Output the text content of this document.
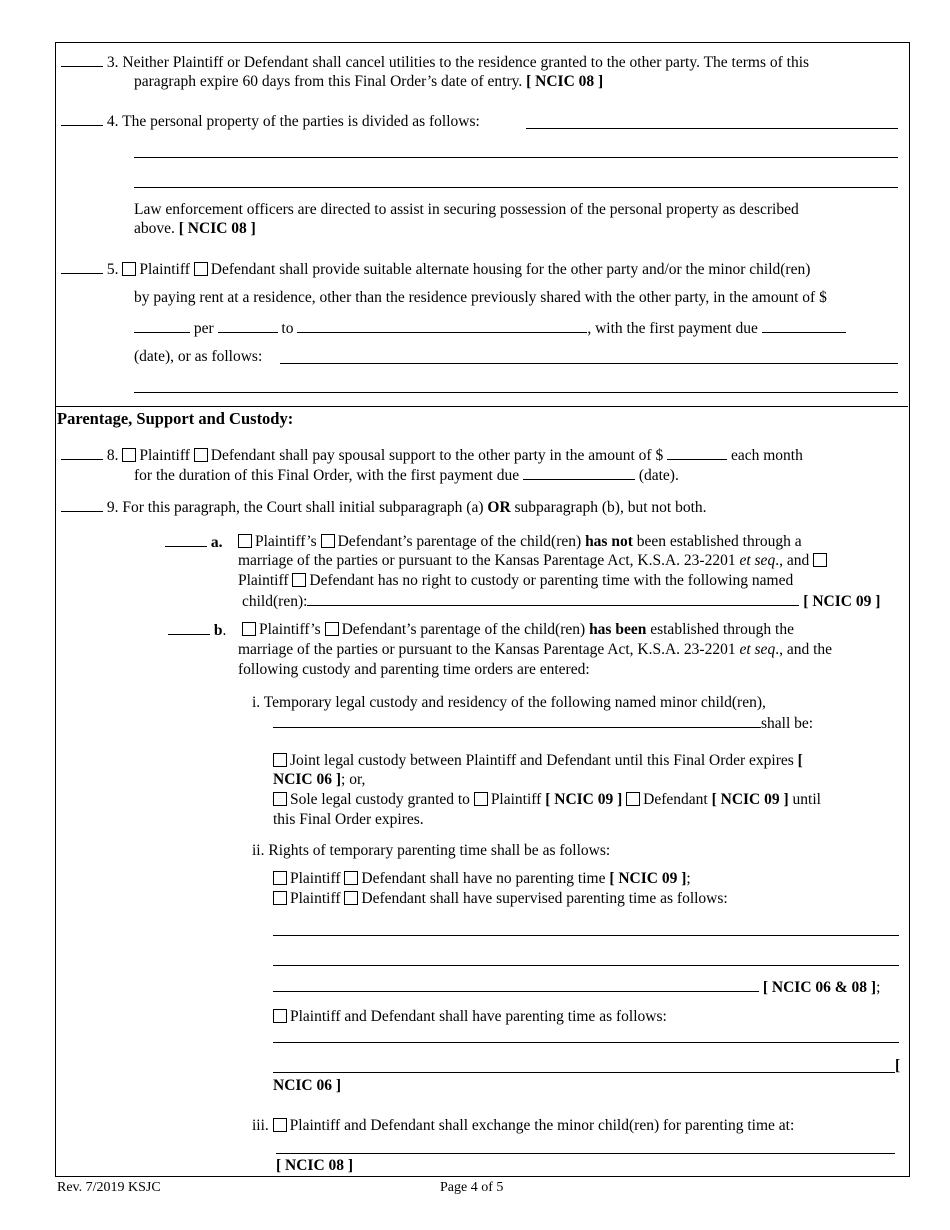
3. Neither Plaintiff or Defendant shall cancel utilities to the residence granted to the other party. The terms of this
paragraph expire 60 days from this Final Order’s date of entry. [ NCIC 08 ]
4. The personal property of the parties is divided as follows:
Law enforcement officers are directed to assist in securing possession of the personal property as described
above. [ NCIC 08 ]
5. Plaintiff Defendant shall provide suitable alternate housing for the other party and/or the minor child(ren)
by paying rent at a residence, other than the residence previously shared with the other party, in the amount of $
per	to	, with the first payment due
(date), or as follows:
Parentage, Support and Custody:
8. Plaintiff Defendant shall pay spousal support to the other party in the amount of $	each month
for the duration of this Final Order, with the first payment due	(date).
9. For this paragraph, the Court shall initial subparagraph (a) OR subparagraph (b), but not both.
a.	Plaintiff’s Defendant’s parentage of the child(ren) has not been established through a
marriage of the parties or pursuant to the Kansas Parentage Act, K.S.A. 23-2201 et seq., and
Plaintiff Defendant has no right to custody or parenting time with the following named
child(ren):	[ NCIC 09 ]
b.	Plaintiff’s Defendant’s parentage of the child(ren) has been established through the
marriage of the parties or pursuant to the Kansas Parentage Act, K.S.A. 23-2201 et seq., and the
following custody and parenting time orders are entered:
i. Temporary legal custody and residency of the following named minor child(ren),
shall be:
Joint legal custody between Plaintiff and Defendant until this Final Order expires [
NCIC 06 ]; or,
Sole legal custody granted to Plaintiff [ NCIC 09 ] Defendant [ NCIC 09 ] until
this Final Order expires.
ii. Rights of temporary parenting time shall be as follows:
Plaintiff Defendant shall have no parenting time [ NCIC 09 ];
Plaintiff Defendant shall have supervised parenting time as follows:
[ NCIC 06 & 08 ];
Plaintiff and Defendant shall have parenting time as follows:
[
NCIC 06 ]
iii. Plaintiff and Defendant shall exchange the minor child(ren) for parenting time at:
[ NCIC 08 ]
Rev. 7/2019 KSJC	Page 4 of 5
